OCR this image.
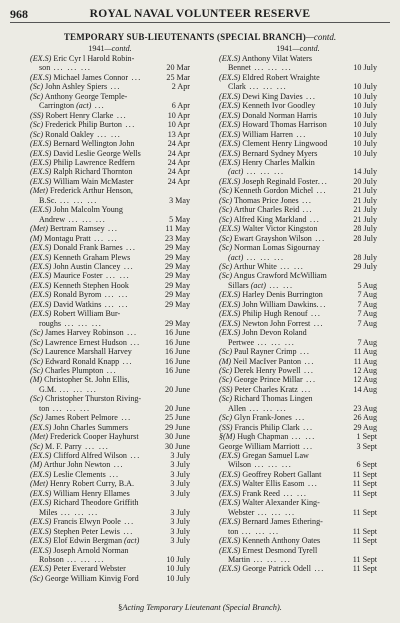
968	ROYAL NAVAL VOLUNTEER RESERVE
TEMPORARY SUB-LIEUTENANTS (SPECIAL BRANCH)—contd.
1941—contd.
(EX.S) Eric Cyr l Harold Robin-
son ... ... ...	20 Mar
(EX.S) Michael James Connor ...	25 Mar
(Sc) John Ashley Spiers ...	2 Apr
(Sc) Anthony George Temple-
Carrington (act) ...	6 Apr
(SS) Robert Henry Clarke ...	10 Apr
(Sc) Frederick Philip Burton ...	10 Apr
(Sc) Ronald Oakley ... ...	13 Apr
(EX.S) Bernard Wellington John	24 Apr
(EX.S) David Leslie George Wells	24 Apr
(EX.S) Philip Lawrence Redfern	24 Apr
(EX.S) Ralph Richard Thornton	24 Apr
(EX.S) William Wain McMaster	24 Apr
(Met) Frederick Arthur Henson,
B.Sc. ... ... ...	3 May
(EX.S) John Malcolm Young
Andrew ... ... ...	5 May
(Met) Bertram Ramsey ...	11 May
(M) Montagu Pratt ... ...	23 May
(EX.S) Donald Frank Barnes ...	29 May
(EX.S) Kenneth Graham Plews	29 May
(EX.S) John Austin Clancey ...	29 May
(EX.S) Maurice Foster ... ...	29 May
(EX.S) Kenneth Stephen Hook	29 May
(EX.S) Ronald Byrom ... ...	29 May
(EX.S) David Watkins ... ...	29 May
(EX.S) Robert William Bur-
roughs ... ... ...	29 May
(Sc) James Harvey Robinson ...	16 June
(Sc) Lawrence Ernest Hudson ...	16 June
(Sc) Laurence Marshall Harvey	16 June
(Sc) Edward Ronald Knapp ...	16 June
(Sc) Charles Plumpton ...	16 June
(M) Christopher St. John Ellis,
G.M. ... ... ...	20 June
(Sc) Christopher Thurston Riving-
ton ... ... ...	20 June
(Sc) James Robert Pelmore ...	25 June
(EX.S) John Charles Summers	29 June
(Met) Frederick Cooper Hayhurst	30 June
(Sc) M. F. Parry ... ...	30 June
(EX.S) Clifford Alfred Wilson ...	3 July
(M) Arthur John Newton ...	3 July
(EX.S) Leslie Clements ...	3 July
(Met) Henry Robert Curry, B.A.	3 July
(EX.S) William Henry Ellames	3 July
(EX.S) Richard Theodore Griffith
Miles ... ... ...	3 July
(EX.S) Francis Elwyn Poole ...	3 July
(EX.S) Stephen Peter Lewis ...	3 July
(EX.S) Elof Edwin Bergman (act)	3 July
(EX.S) Joseph Arnold Norman
Robson ... ... ...	10 July
(EX.S) Peter Everard Webster	10 July
(Sc) George William Kinvig Ford	10 July
1941—contd.
(EX.S) Anthony Vilat Waters
Bennet ... ... ...	10 July
(EX.S) Eldred Robert Wraighte
Clark ... ... ...	10 July
(EX.S) Dewi King Davies ...	10 July
(EX.S) Kenneth Ivor Goodley	10 July
(EX.S) Donald Norman Harris	10 July
(EX.S) Howard Thomas Harrison	10 July
(EX.S) William Harren ...	10 July
(EX.S) Clement Henry Lingwood	10 July
(EX.S) Bernard Sydney Myers	10 July
(EX.S) Henry Charles Malkin
(act) ... ... ...	14 July
(EX.S) Joseph Reginald Foster...	20 July
(Sc) Kenneth Gordon Michel ...	21 July
(Sc) Thomas Price Jones ...	21 July
(Sc) Arthur Charles Reid ...	21 July
(Sc) Alfred King Markland ...	21 July
(EX.S) Walter Victor Kingston	28 July
(Sc) Ewart Grayshon Wilson ...	28 July
(Sc) Norman Lomas Sigournay
(act) ... ... ...	28 July
(Sc) Arthur White ... ...	29 July
(Sc) Angus Crawford McWilliam
Sillars (act) ... ...	5 Aug
(EX.S) Harley Denis Burrington	7 Aug
(EX.S) John William Dawkins...	7 Aug
(EX.S) Philip Hugh Renouf ...	7 Aug
(EX.S) Newton John Forrest ...	7 Aug
(EX.S) John Devon Roland
Pertwee ... ... ...	7 Aug
(Sc) Paul Rayner Crimp ...	11 Aug
(M) Neil MacIver Panton ...	11 Aug
(Sc) Derek Henry Powell ...	12 Aug
(Sc) George Prince Millar ...	12 Aug
(SS) Peter Charles Kratz ...	14 Aug
(Sc) Richard Thomas Lingen
Allen ... ... ...	23 Aug
(Sc) Glyn Frank-Jones ...	26 Aug
(SS) Francis Philip Clark ...	29 Aug
§(M) Hugh Chapman ... ...	1 Sept
George William Marriott ...	3 Sept
(EX.S) Gregan Samuel Law
Wilson ... ... ...	6 Sept
(EX.S) Geoffrey Robert Gallant	11 Sept
(EX.S) Walter Ellis Easom ...	11 Sept
(EX.S) Frank Reed ... ...	11 Sept
(EX.S) Walter Alexander King-
Webster ... ... ...	11 Sept
(EX.S) Bernard James Ethering-
ton ... ... ...	11 Sept
(EX.S) Kenneth Anthony Oates	11 Sept
(EX.S) Ernest Desmond Tyrell
Martin ... ... ...	11 Sept
(EX.S) George Patrick Odell ...	11 Sept
§Acting Temporary Lieutenant (Special Branch).
